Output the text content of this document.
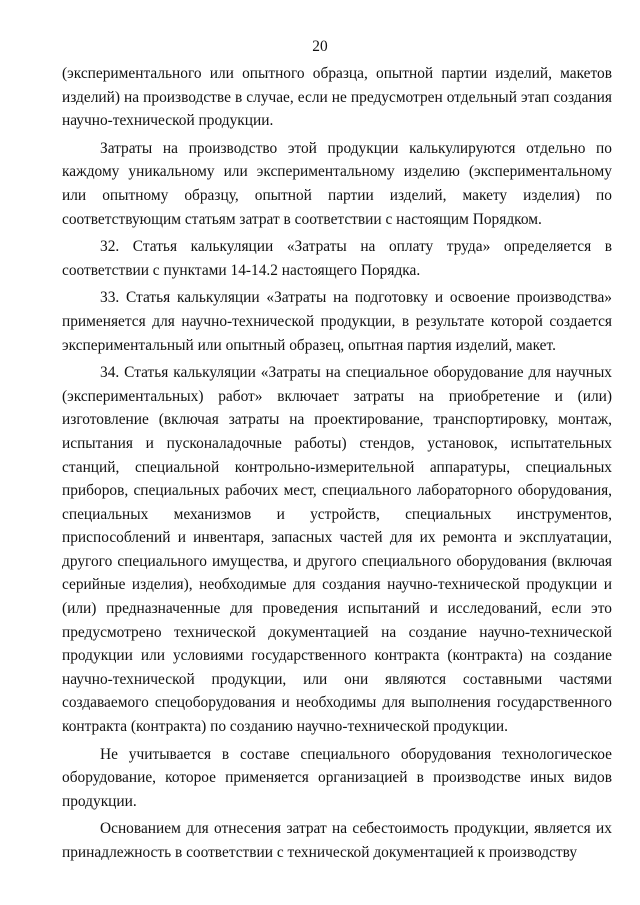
20

(экспериментального или опытного образца, опытной партии изделий, макетов изделий) на производстве в случае, если не предусмотрен отдельный этап создания научно-технической продукции.

Затраты на производство этой продукции калькулируются отдельно по каждому уникальному или экспериментальному изделию (экспериментальному или опытному образцу, опытной партии изделий, макету изделия) по соответствующим статьям затрат в соответствии с настоящим Порядком.

32. Статья калькуляции «Затраты на оплату труда» определяется в соответствии с пунктами 14-14.2 настоящего Порядка.

33. Статья калькуляции «Затраты на подготовку и освоение производства» применяется для научно-технической продукции, в результате которой создается экспериментальный или опытный образец, опытная партия изделий, макет.

34. Статья калькуляции «Затраты на специальное оборудование для научных (экспериментальных) работ» включает затраты на приобретение и (или) изготовление (включая затраты на проектирование, транспортировку, монтаж, испытания и пусконаладочные работы) стендов, установок, испытательных станций, специальной контрольно-измерительной аппаратуры, специальных приборов, специальных рабочих мест, специального лабораторного оборудования, специальных механизмов и устройств, специальных инструментов, приспособлений и инвентаря, запасных частей для их ремонта и эксплуатации, другого специального имущества, и другого специального оборудования (включая серийные изделия), необходимые для создания научно-технической продукции и (или) предназначенные для проведения испытаний и исследований, если это предусмотрено технической документацией на создание научно-технической продукции или условиями государственного контракта (контракта) на создание научно-технической продукции, или они являются составными частями создаваемого спецоборудования и необходимы для выполнения государственного контракта (контракта) по созданию научно-технической продукции.

Не учитывается в составе специального оборудования технологическое оборудование, которое применяется организацией в производстве иных видов продукции.

Основанием для отнесения затрат на себестоимость продукции, является их принадлежность в соответствии с технической документацией к производству
